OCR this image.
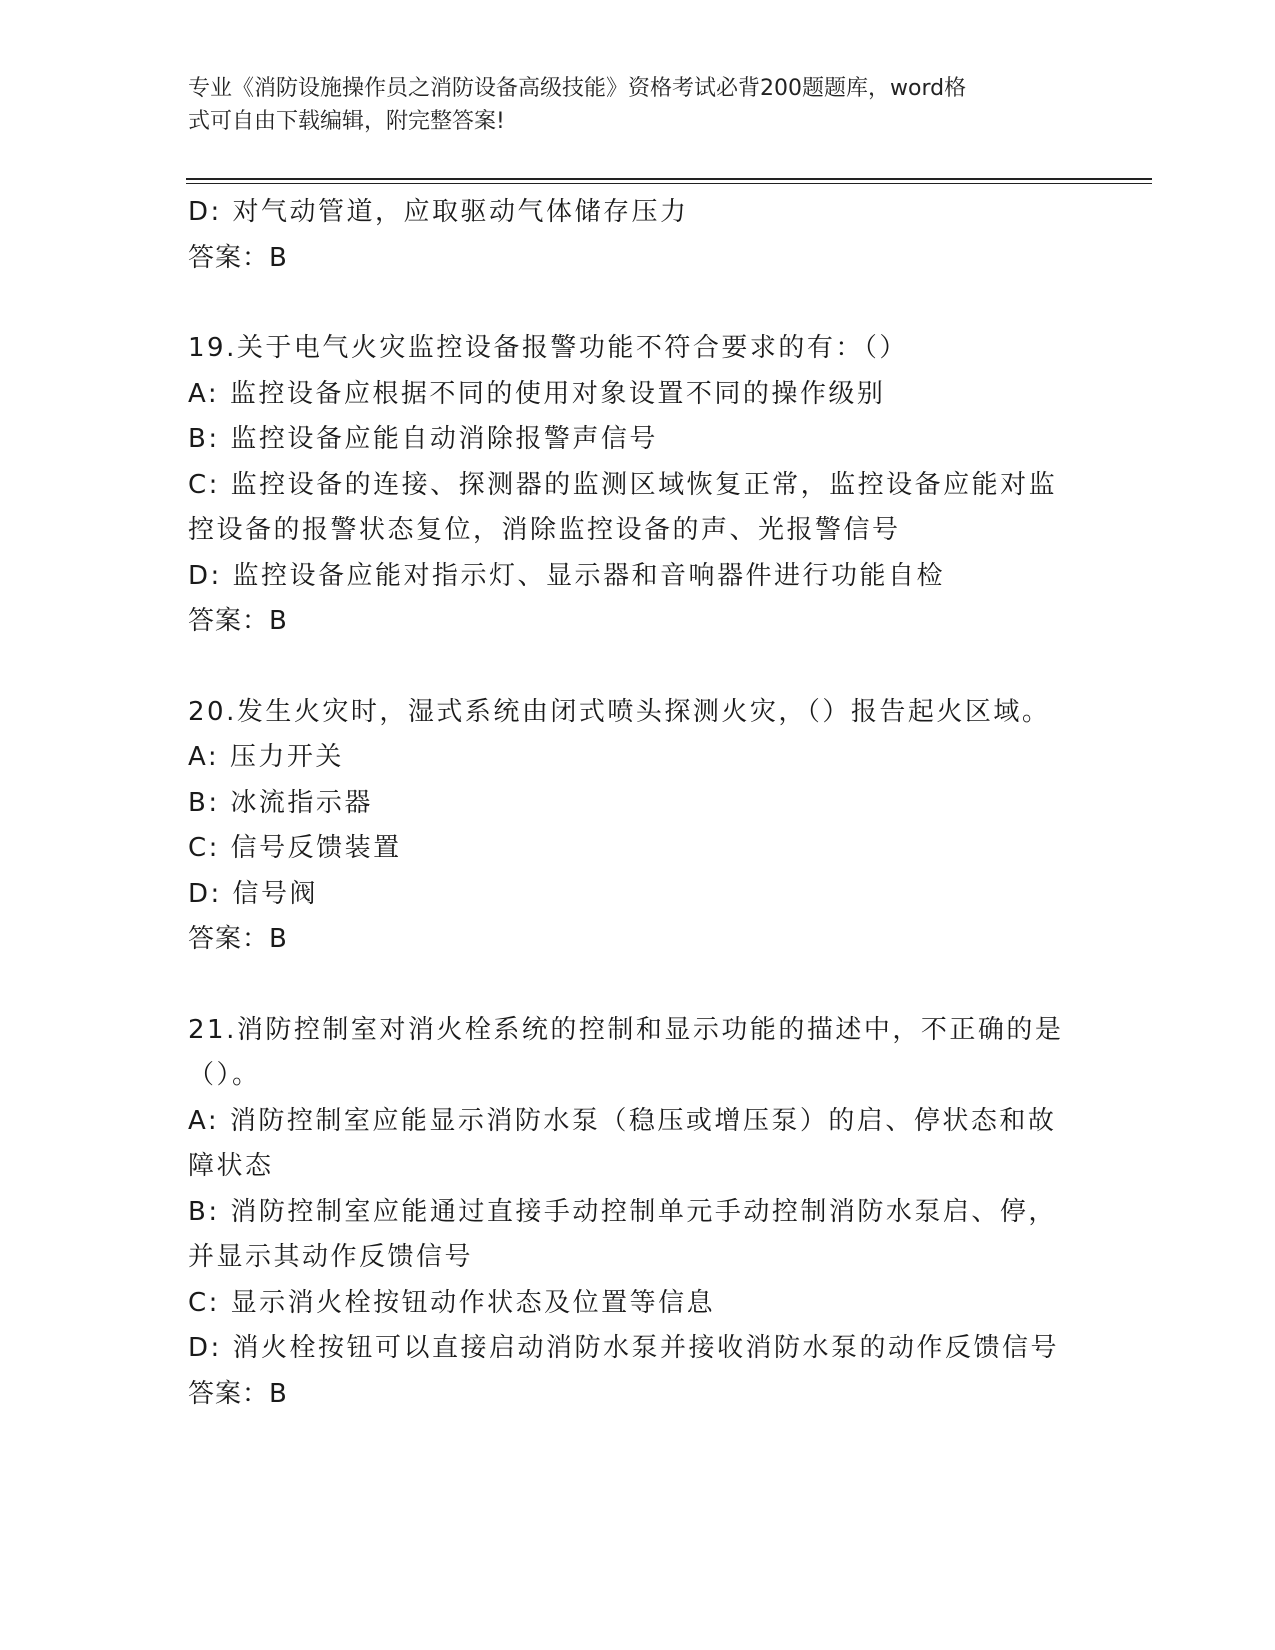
专业《消防设施操作员之消防设备高级技能》资格考试必背200题题库，word格
式可自由下载编辑，附完整答案!
D: 对气动管道，应取驱动气体储存压力
答案：B
19.关于电气火灾监控设备报警功能不符合要求的有：（）
A: 监控设备应根据不同的使用对象设置不同的操作级别
B: 监控设备应能自动消除报警声信号
C: 监控设备的连接、探测器的监测区域恢复正常，监控设备应能对监
控设备的报警状态复位，消除监控设备的声、光报警信号
D: 监控设备应能对指示灯、显示器和音响器件进行功能自检
答案：B
20.发生火灾时，湿式系统由闭式喷头探测火灾，（）报告起火区域。
A: 压力开关
B: 冰流指示器
C: 信号反馈装置
D: 信号阀
答案：B
21.消防控制室对消火栓系统的控制和显示功能的描述中，不正确的是
（）。
A: 消防控制室应能显示消防水泵（稳压或增压泵）的启、停状态和故
障状态
B: 消防控制室应能通过直接手动控制单元手动控制消防水泵启、停，
并显示其动作反馈信号
C: 显示消火栓按钮动作状态及位置等信息
D: 消火栓按钮可以直接启动消防水泵并接收消防水泵的动作反馈信号
答案：B
